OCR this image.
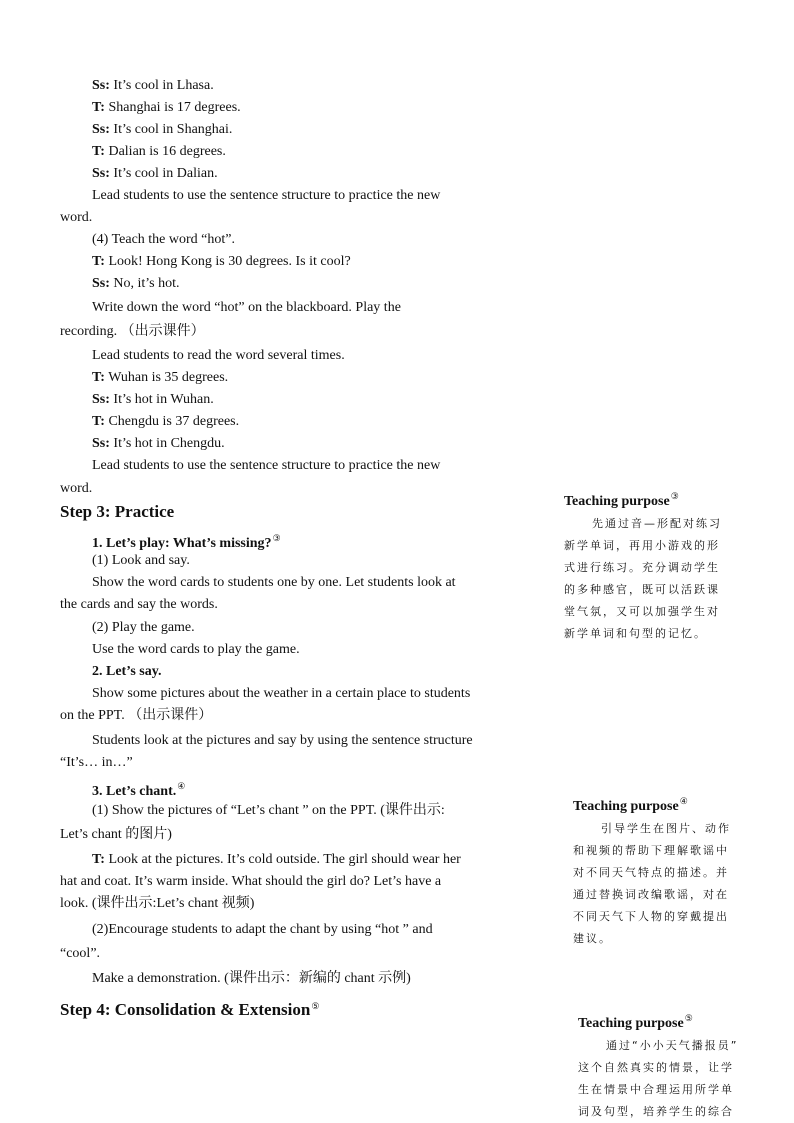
Ss: It’s cool in Lhasa.
T: Shanghai is 17 degrees.
Ss: It’s cool in Shanghai.
T: Dalian is 16 degrees.
Ss: It’s cool in Dalian.
Lead students to use the sentence structure to practice the new
word.
(4) Teach the word “hot”.
T: Look! Hong Kong is 30 degrees. Is it cool?
Ss: No, it’s hot.
Write down the word “hot” on the blackboard. Play the
recording. （出示课件）
Lead students to read the word several times.
T: Wuhan is 35 degrees.
Ss: It’s hot in Wuhan.
T: Chengdu is 37 degrees.
Ss: It’s hot in Chengdu.
Lead students to use the sentence structure to practice the new
word.
Step 3: Practice
1. Let’s play: What’s missing?③
(1) Look and say.
Show the word cards to students one by one. Let students look at
the cards and say the words.
(2) Play the game.
Use the word cards to play the game.
2. Let’s say.
Show some pictures about the weather in a certain place to students
on the PPT. （出示课件）
Students look at the pictures and say by using the sentence structure
“It’s… in…”
3. Let’s chant.④
(1) Show the pictures of “Let’s chant ” on the PPT. (课件出示:
Let’s chant 的图片)
T: Look at the pictures. It’s cold outside. The girl should wear her
hat and coat. It’s warm inside. What should the girl do? Let’s have a
look. (课件出示:Let’s chant 视频)
(2)Encourage students to adapt the chant by using “hot ” and
“cool”.
Make a demonstration. (课件出示：新编的 chant 示例)
Step 4: Consolidation & Extension⑤
Teaching purpose③
先通过音—形配对练习
新学单词，再用小游戏的形
式进行练习。充分调动学生
的多种感官，既可以活跃课
堂气氛，又可以加强学生对
新学单词和句型的记忆。
Teaching purpose④
引导学生在图片、动作
和视频的帮助下理解歌谣中
对不同天气特点的描述。并
通过替换词改编歌谣，对在
不同天气下人物的穿戴提出
建议。
Teaching purpose⑤
通过“小小天气播报员”
这个自然真实的情景，让学
生在情景中合理运用所学单
词及句型，培养学生的综合
